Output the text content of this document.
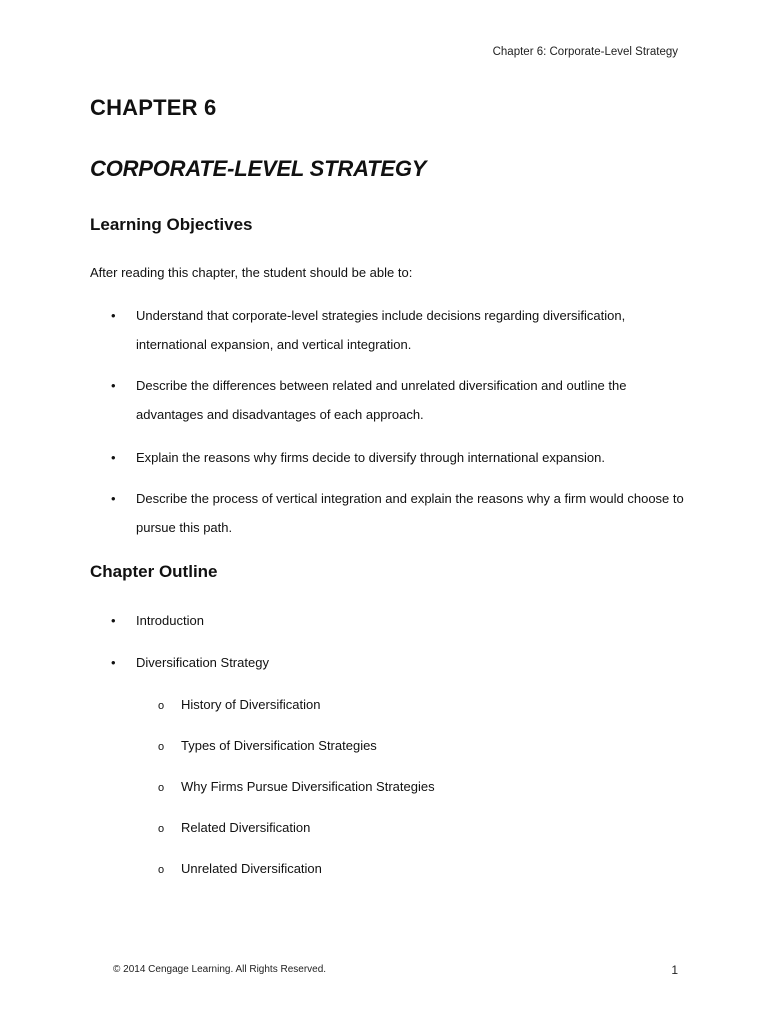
Chapter 6: Corporate-Level Strategy
CHAPTER 6
CORPORATE-LEVEL STRATEGY
Learning Objectives
After reading this chapter, the student should be able to:
• Understand that corporate-level strategies include decisions regarding diversification, international expansion, and vertical integration.
• Describe the differences between related and unrelated diversification and outline the advantages and disadvantages of each approach.
• Explain the reasons why firms decide to diversify through international expansion.
• Describe the process of vertical integration and explain the reasons why a firm would choose to pursue this path.
Chapter Outline
• Introduction
• Diversification Strategy
o History of Diversification
o Types of Diversification Strategies
o Why Firms Pursue Diversification Strategies
o Related Diversification
o Unrelated Diversification
© 2014 Cengage Learning. All Rights Reserved.	1
